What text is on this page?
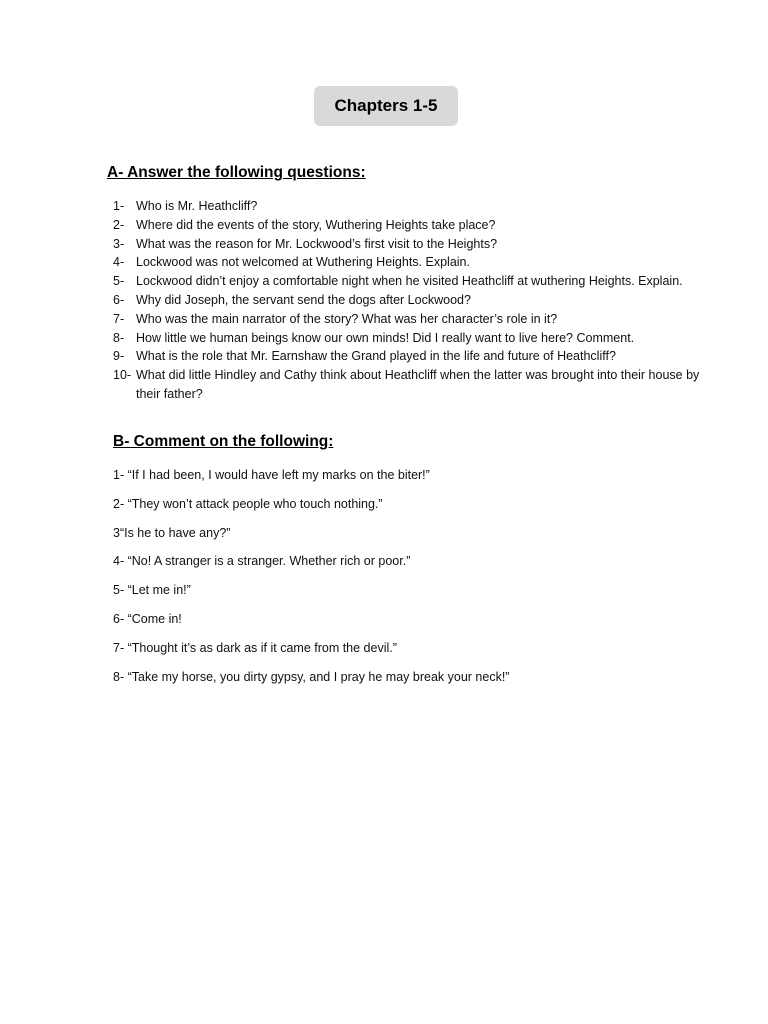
Chapters 1-5
A- Answer the following questions:
1- Who is Mr. Heathcliff?
2- Where did the events of the story, Wuthering Heights take place?
3- What was the reason for Mr. Lockwood’s first visit to the Heights?
4- Lockwood was not welcomed at Wuthering Heights. Explain.
5- Lockwood didn’t enjoy a comfortable night when he visited Heathcliff at wuthering Heights. Explain.
6- Why did Joseph, the servant send the dogs after Lockwood?
7- Who was the main narrator of the story? What was her character’s role in it?
8- How little we human beings know our own minds! Did I really want to live here? Comment.
9- What is the role that Mr. Earnshaw the Grand played in the life and future of Heathcliff?
10- What did little Hindley and Cathy think about Heathcliff when the latter was brought into their house by their father?
B- Comment on the following:
1- “If I had been, I would have left my marks on the biter!”
2- “They won’t attack people who touch nothing.”
3“Is he to have any?”
4- “No! A stranger is a stranger. Whether rich or poor.”
5- “Let me in!”
6- “Come in!
7- “Thought it’s as dark as if it came from the devil.”
8- “Take my horse, you dirty gypsy, and I pray he may break your neck!”
